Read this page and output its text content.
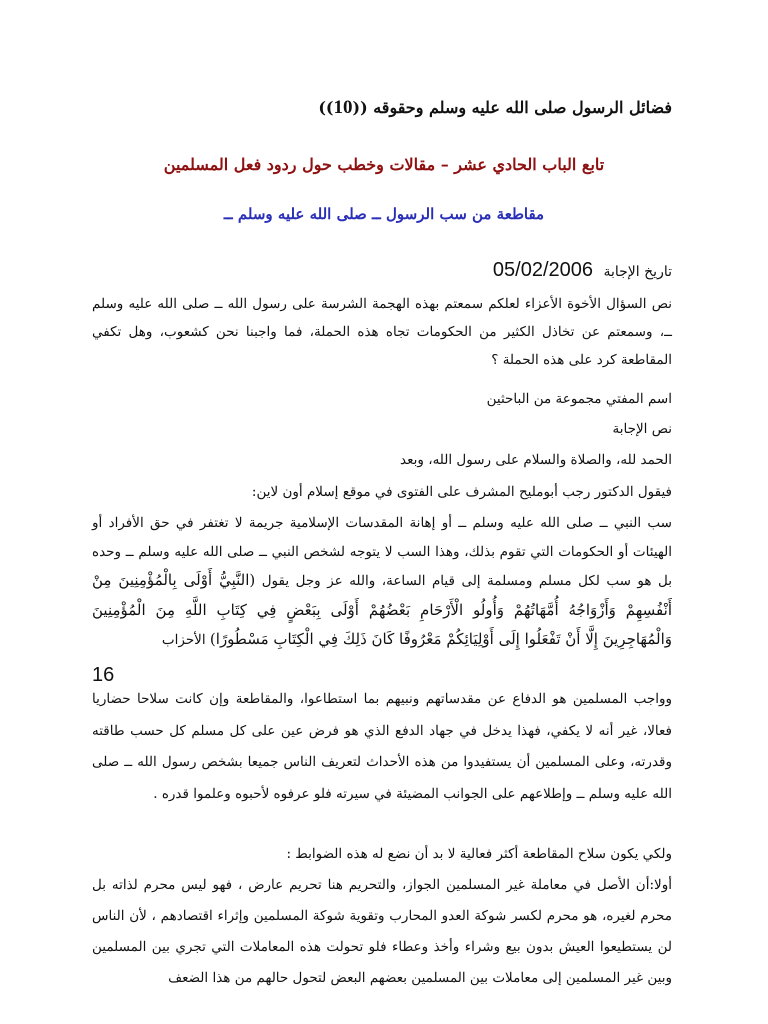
فضائل الرسول صلى الله عليه وسلم وحقوقه ((10))
تابع الباب الحادي عشر – مقالات وخطب حول ردود فعل المسلمين
مقاطعة من سب الرسول ــ صلى الله عليه وسلم ــ
تاريخ الإجابة 05/02/2006
نص السؤال الأخوة الأعزاء لعلكم سمعتم بهذه الهجمة الشرسة على رسول الله ــ صلى الله عليه وسلم ــ، وسمعتم عن تخاذل الكثير من الحكومات تجاه هذه الحملة، فما واجبنا نحن كشعوب، وهل تكفي المقاطعة كرد على هذه الحملة ؟
اسم المفتي مجموعة من الباحثين
نص الإجابة
الحمد لله، والصلاة والسلام على رسول الله، وبعد
فيقول الدكتور رجب أبومليح المشرف على الفتوى في موقع إسلام أون لاين:
سب النبي ــ صلى الله عليه وسلم ــ أو إهانة المقدسات الإسلامية جريمة لا تغتفر في حق الأفراد أو الهيئات أو الحكومات التي تقوم بذلك، وهذا السب لا يتوجه لشخص النبي ــ صلى الله عليه وسلم ــ وحده بل هو سب لكل مسلم ومسلمة إلى قيام الساعة، والله عز وجل يقول (النَّبِيُّ أَوْلَى بِالْمُؤْمِنِينَ مِنْ أَنْفُسِهِمْ وَأَزْوَاجُهُ أُمَّهَاتُهُمْ وَأُولُو الْأَرْحَامِ بَعْضُهُمْ أَوْلَى بِبَعْضٍ فِي كِتَابِ اللَّهِ مِنَ الْمُؤْمِنِينَ وَالْمُهَاجِرِينَ إِلَّا أَنْ تَفْعَلُوا إِلَى أَوْلِيَائِكُمْ مَعْرُوفًا كَانَ ذَلِكَ فِي الْكِتَابِ مَسْطُورًا) الأحزاب
16
وواجب المسلمين هو الدفاع عن مقدساتهم ونبيهم بما استطاعوا، والمقاطعة وإن كانت سلاحا حضاريا فعالا، غير أنه لا يكفي، فهذا يدخل في جهاد الدفع الذي هو فرض عين على كل مسلم كل حسب طاقته وقدرته، وعلى المسلمين أن يستفيدوا من هذه الأحداث لتعريف الناس جميعا بشخص رسول الله ــ صلى الله عليه وسلم ــ وإطلاعهم على الجوانب المضيئة في سيرته فلو عرفوه لأحبوه وعلموا قدره .
ولكي يكون سلاح المقاطعة أكثر فعالية لا بد أن نضع له هذه الضوابط :
أولا:أن الأصل في معاملة غير المسلمين الجواز، والتحريم هنا تحريم عارض ، فهو ليس محرم لذاته بل محرم لغيره، هو محرم لكسر شوكة العدو المحارب وتقوية شوكة المسلمين وإثراء اقتصادهم ، لأن الناس لن يستطيعوا العيش بدون بيع وشراء وأخذ وعطاء فلو تحولت هذه المعاملات التي تجري بين المسلمين وبين غير المسلمين إلى معاملات بين المسلمين بعضهم البعض لتحول حالهم من هذا الضعف
